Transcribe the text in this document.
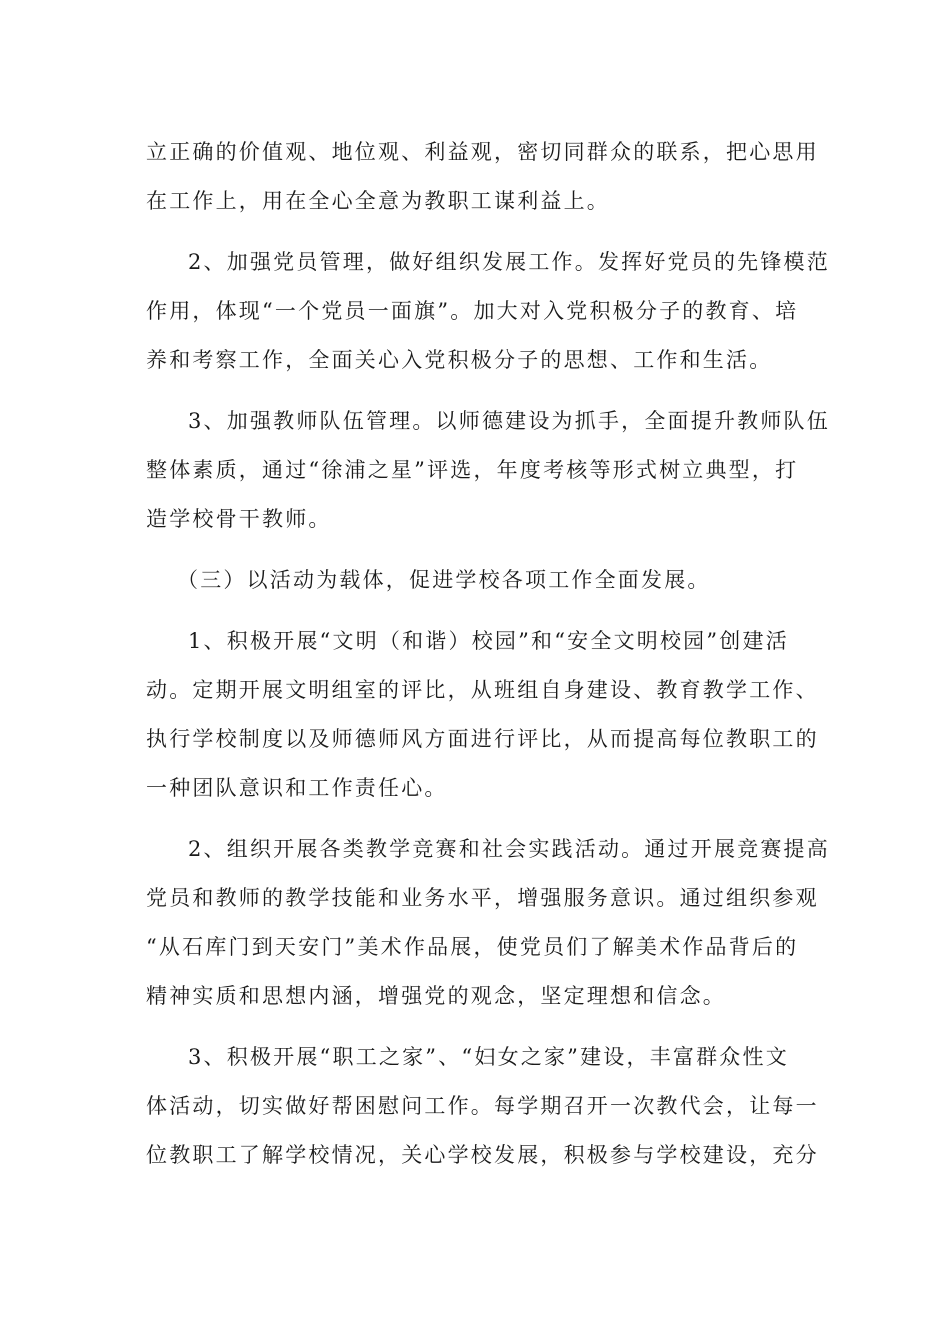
立正确的价值观、地位观、利益观，密切同群众的联系，把心思用
在工作上，用在全心全意为教职工谋利益上。
2、加强党员管理，做好组织发展工作。发挥好党员的先锋模范
作用，体现“一个党员一面旗”。加大对入党积极分子的教育、培
养和考察工作，全面关心入党积极分子的思想、工作和生活。
3、加强教师队伍管理。以师德建设为抓手，全面提升教师队伍
整体素质，通过“徐浦之星”评选，年度考核等形式树立典型，打
造学校骨干教师。
（三）以活动为载体，促进学校各项工作全面发展。
1、积极开展“文明（和谐）校园”和“安全文明校园”创建活
动。定期开展文明组室的评比，从班组自身建设、教育教学工作、
执行学校制度以及师德师风方面进行评比，从而提高每位教职工的
一种团队意识和工作责任心。
2、组织开展各类教学竞赛和社会实践活动。通过开展竞赛提高
党员和教师的教学技能和业务水平，增强服务意识。通过组织参观
“从石库门到天安门”美术作品展，使党员们了解美术作品背后的
精神实质和思想内涵，增强党的观念，坚定理想和信念。
3、积极开展“职工之家”、“妇女之家”建设，丰富群众性文
体活动，切实做好帮困慰问工作。每学期召开一次教代会，让每一
位教职工了解学校情况，关心学校发展，积极参与学校建设，充分
